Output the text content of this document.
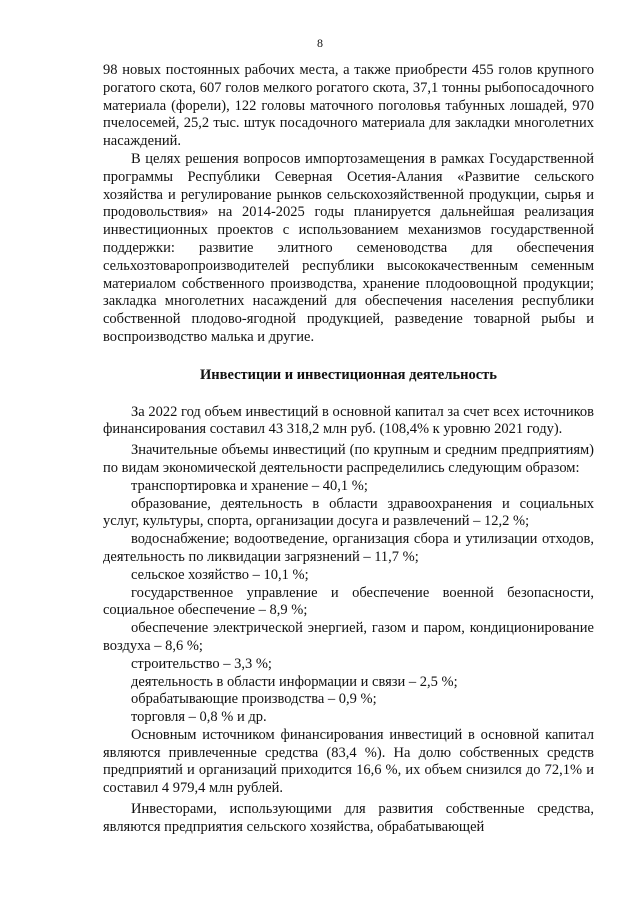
8

98 новых постоянных рабочих места, а также приобрести 455 голов крупного рогатого скота, 607 голов мелкого рогатого скота, 37,1 тонны рыбопосадочного материала (форели), 122 головы маточного поголовья табунных лошадей, 970 пчелосемей, 25,2 тыс. штук посадочного материала для закладки многолетних насаждений.

В целях решения вопросов импортозамещения в рамках Государственной программы Республики Северная Осетия-Алания «Развитие сельского хозяйства и регулирование рынков сельскохозяйственной продукции, сырья и продовольствия» на 2014-2025 годы планируется дальнейшая реализация инвестиционных проектов с использованием механизмов государственной поддержки: развитие элитного семеноводства для обеспечения сельхозтоваропроизводителей республики высококачественным семенным материалом собственного производства, хранение плодоовощной продукции; закладка многолетних насаждений для обеспечения населения республики собственной плодово-ягодной продукцией, разведение товарной рыбы и воспроизводство малька и другие.

Инвестиции и инвестиционная деятельность

За 2022 год объем инвестиций в основной капитал за счет всех источников финансирования составил 43 318,2 млн руб. (108,4% к уровню 2021 году).

Значительные объемы инвестиций (по крупным и средним предприятиям) по видам экономической деятельности распределились следующим образом:

транспортировка и хранение – 40,1 %;

образование, деятельность в области здравоохранения и социальных услуг, культуры, спорта, организации досуга и развлечений – 12,2 %;

водоснабжение; водоотведение, организация сбора и утилизации отходов, деятельность по ликвидации загрязнений – 11,7 %;

сельское хозяйство – 10,1 %;

государственное управление и обеспечение военной безопасности, социальное обеспечение – 8,9 %;

обеспечение электрической энергией, газом и паром, кондиционирование воздуха – 8,6 %;

строительство – 3,3 %;

деятельность в области информации и связи – 2,5 %;

обрабатывающие производства – 0,9 %;

торговля – 0,8 % и др.

Основным источником финансирования инвестиций в основной капитал являются привлеченные средства (83,4 %). На долю собственных средств предприятий и организаций приходится 16,6 %, их объем снизился до 72,1% и составил 4 979,4 млн рублей.

Инвесторами, использующими для развития собственные средства, являются предприятия сельского хозяйства, обрабатывающей
